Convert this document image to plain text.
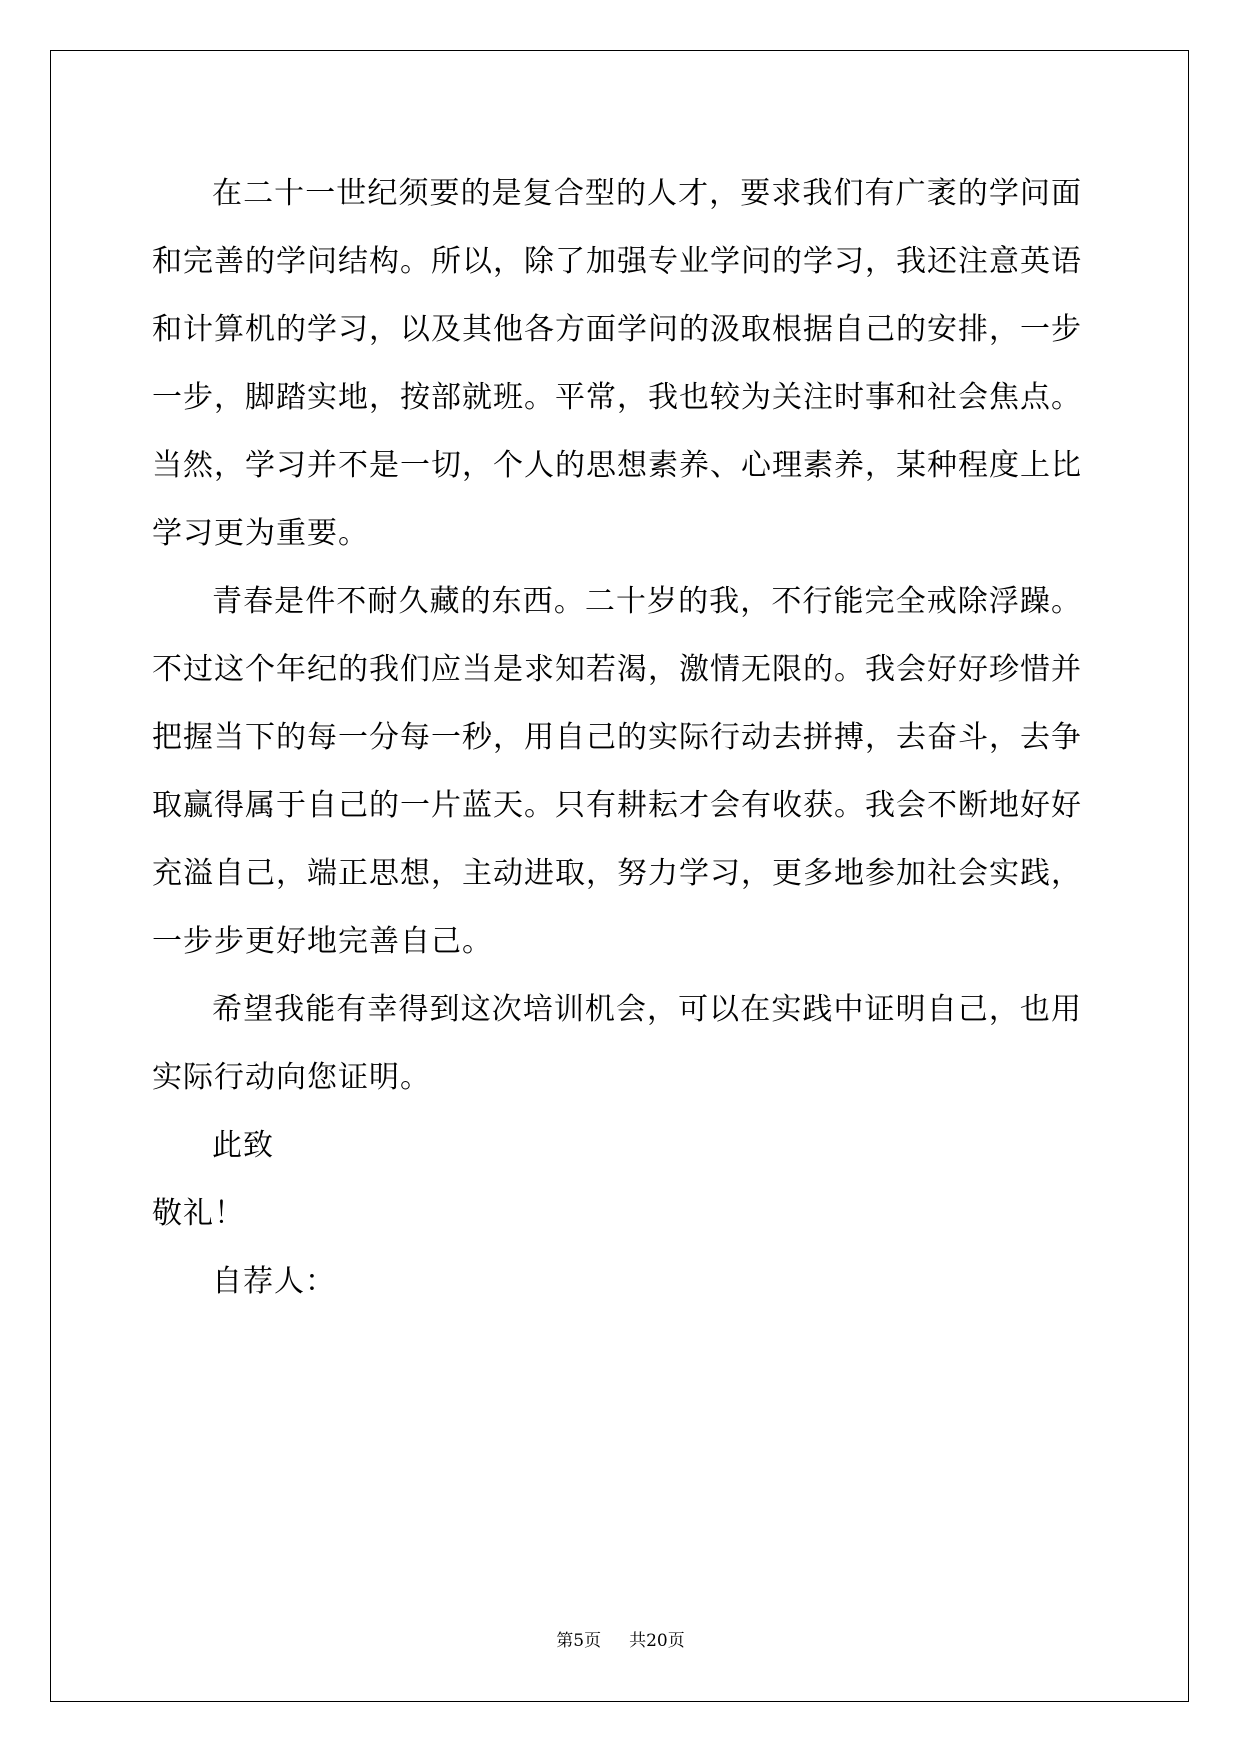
在二十一世纪须要的是复合型的人才，要求我们有广袤的学问面和完善的学问结构。所以，除了加强专业学问的学习，我还注意英语和计算机的学习，以及其他各方面学问的汲取根据自己的安排，一步一步，脚踏实地，按部就班。平常，我也较为关注时事和社会焦点。当然，学习并不是一切，个人的思想素养、心理素养，某种程度上比学习更为重要。

青春是件不耐久藏的东西。二十岁的我，不行能完全戒除浮躁。不过这个年纪的我们应当是求知若渴，激情无限的。我会好好珍惜并把握当下的每一分每一秒，用自己的实际行动去拼搏，去奋斗，去争取赢得属于自己的一片蓝天。只有耕耘才会有收获。我会不断地好好充溢自己，端正思想，主动进取，努力学习，更多地参加社会实践，一步步更好地完善自己。

希望我能有幸得到这次培训机会，可以在实践中证明自己，也用实际行动向您证明。

此致

敬礼！

自荐人：

第5页 共20页
